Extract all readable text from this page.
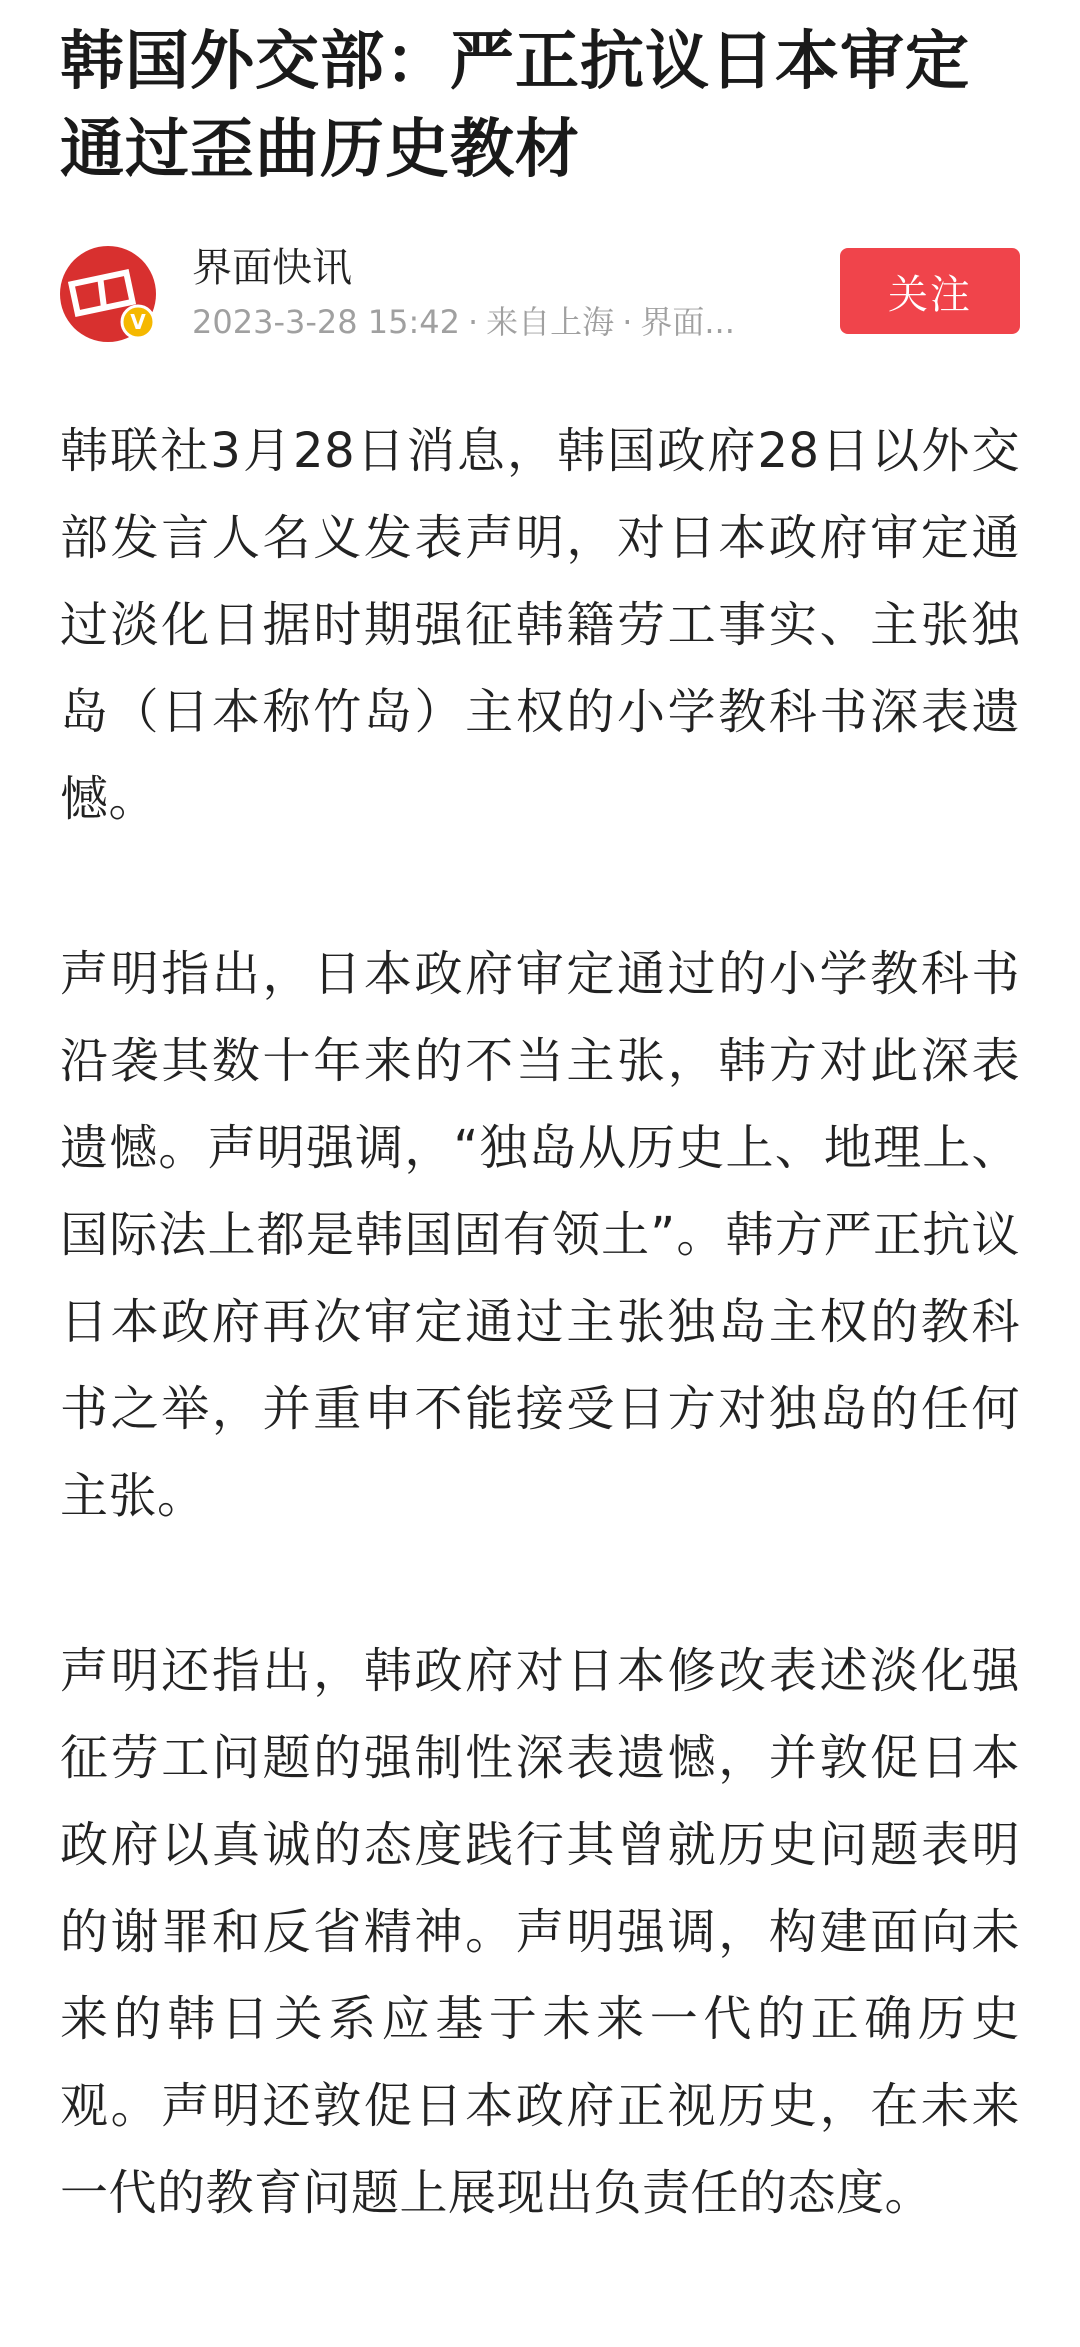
韩国外交部：严正抗议日本审定通过歪曲历史教材
V
界面快讯
2023-3-28 15:42 · 来自上海 · 界面...
关注

韩联社3月28日消息，韩国政府28日以外交部发言人名义发表声明，对日本政府审定通过淡化日据时期强征韩籍劳工事实、主张独岛（日本称竹岛）主权的小学教科书深表遗憾。

声明指出，日本政府审定通过的小学教科书沿袭其数十年来的不当主张，韩方对此深表遗憾。声明强调，“独岛从历史上、地理上、国际法上都是韩国固有领土”。韩方严正抗议日本政府再次审定通过主张独岛主权的教科书之举，并重申不能接受日方对独岛的任何主张。

声明还指出，韩政府对日本修改表述淡化强征劳工问题的强制性深表遗憾，并敦促日本政府以真诚的态度践行其曾就历史问题表明的谢罪和反省精神。声明强调，构建面向未来的韩日关系应基于未来一代的正确历史观。声明还敦促日本政府正视历史，在未来一代的教育问题上展现出负责任的态度。
